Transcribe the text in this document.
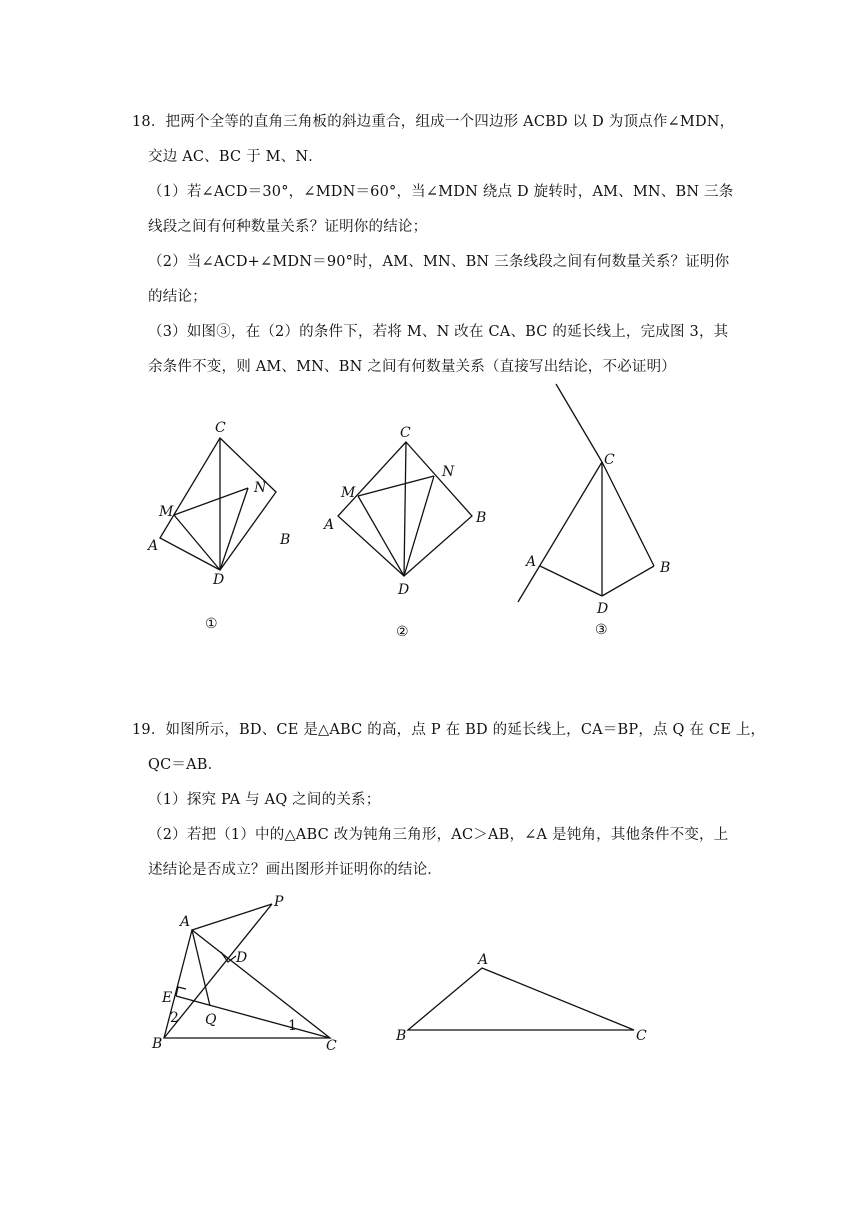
18．把两个全等的直角三角板的斜边重合，组成一个四边形 ACBD 以 D 为顶点作∠MDN，
交边 AC、BC 于 M、N．
（1）若∠ACD＝30°，∠MDN＝60°，当∠MDN 绕点 D 旋转时，AM、MN、BN 三条
线段之间有何种数量关系？证明你的结论；
（2）当∠ACD+∠MDN＝90°时，AM、MN、BN 三条线段之间有何数量关系？证明你
的结论；
（3）如图③，在（2）的条件下，若将 M、N 改在 CA、BC 的延长线上，完成图 3，其
余条件不变，则 AM、MN、BN 之间有何数量关系（直接写出结论，不必证明）
19．如图所示，BD、CE 是△ABC 的高，点 P 在 BD 的延长线上，CA＝BP，点 Q 在 CE 上，
QC＝AB．
（1）探究 PA 与 AQ 之间的关系；
（2）若把（1）中的△ABC 改为钝角三角形，AC＞AB，∠A 是钝角，其他条件不变，上
述结论是否成立？画出图形并证明你的结论．
C
M
N
A	B
D
①
C
M
N
A	B
D
②
C
A	B
D
③
A
P
D
E
Q
B	C
1
2
A
B	C
